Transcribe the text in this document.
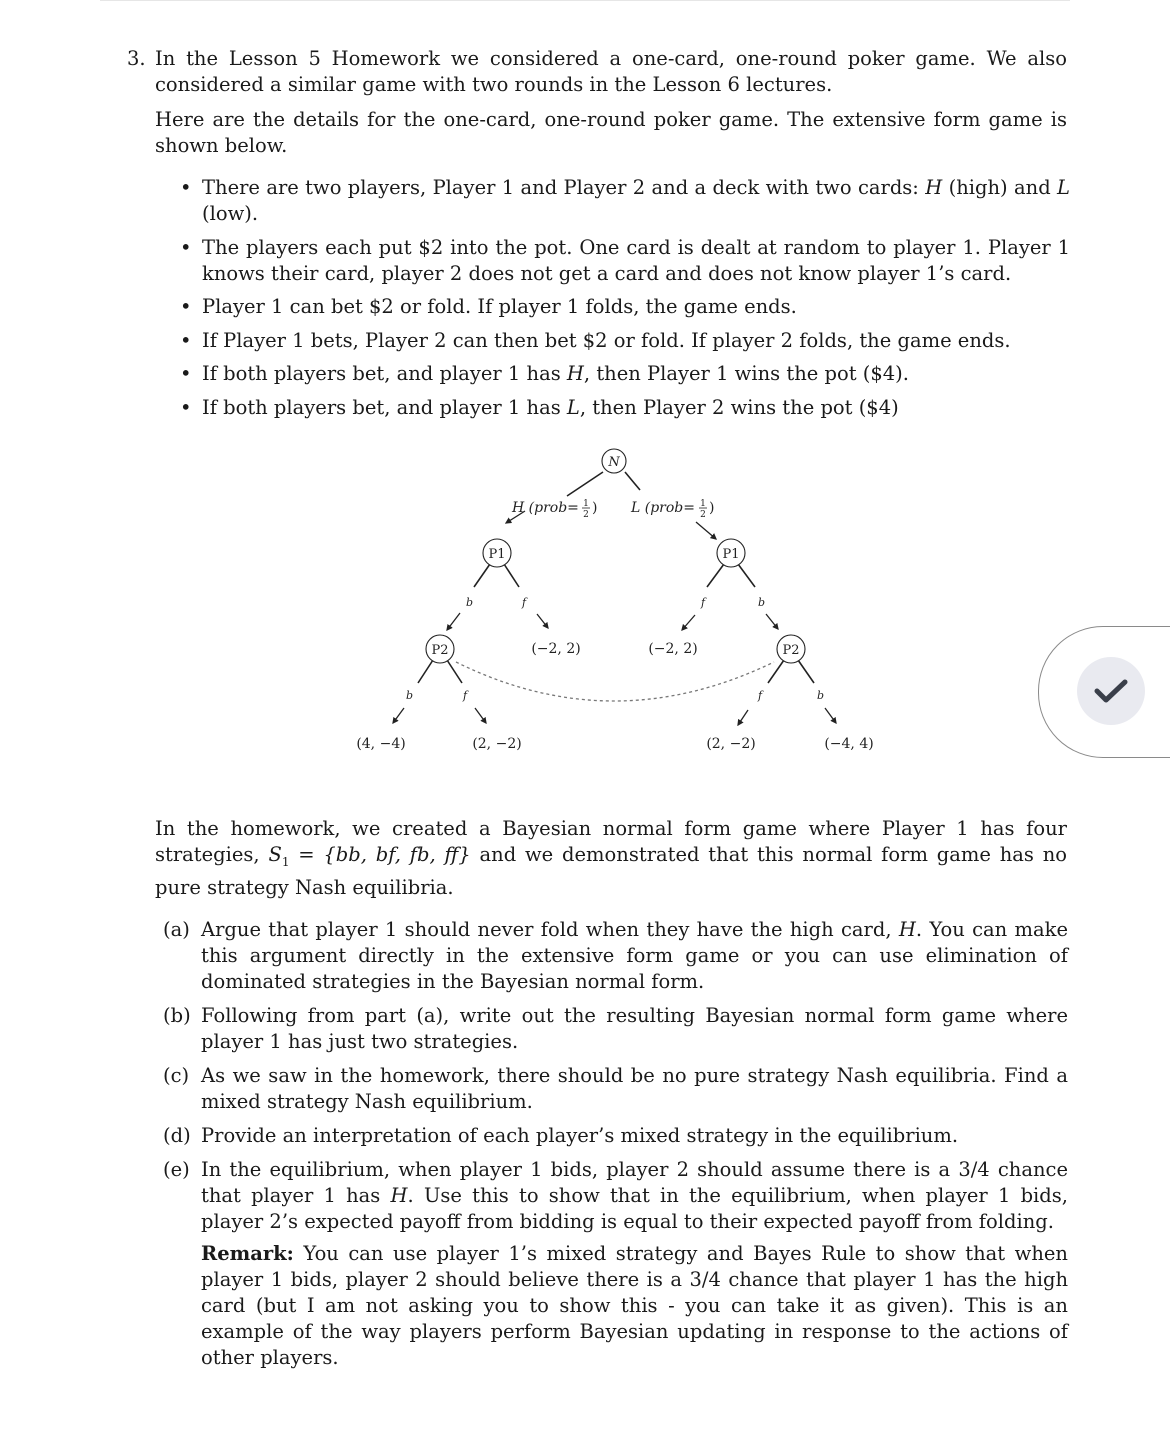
3. In the Lesson 5 Homework we considered a one-card, one-round poker game. We also considered a similar game with two rounds in the Lesson 6 lectures.

Here are the details for the one-card, one-round poker game. The extensive form game is shown below.

• There are two players, Player 1 and Player 2 and a deck with two cards: H (high) and L (low).
• The players each put $2 into the pot. One card is dealt at random to player 1. Player 1 knows their card, player 2 does not get a card and does not know player 1’s card.
• Player 1 can bet $2 or fold. If player 1 folds, the game ends.
• If Player 1 bets, Player 2 can then bet $2 or fold. If player 2 folds, the game ends.
• If both players bet, and player 1 has H, then Player 1 wins the pot ($4).
• If both players bet, and player 1 has L, then Player 2 wins the pot ($4)
N
P1	P1
P2	P2
H (prob= 1
2 ) L (prob= 1
2 )
b	f	f	b
b	f	f	b
(−2, 2)	(−2, 2)
(4, −4)	(2, −2)	(2, −2)	(−4, 4)

In the homework, we created a Bayesian normal form game where Player 1 has four strategies, $S_1 = \{bb$, bf, fb, ff} and we demonstrated that this normal form game has no pure strategy Nash equilibria.

(a) Argue that player 1 should never fold when they have the high card, H. You can make this argument directly in the extensive form game or you can use elimination of dominated strategies in the Bayesian normal form.
(b) Following from part (a), write out the resulting Bayesian normal form game where player 1 has just two strategies.
(c) As we saw in the homework, there should be no pure strategy Nash equilibria. Find a mixed strategy Nash equilibrium.
(d) Provide an interpretation of each player’s mixed strategy in the equilibrium.
(e) In the equilibrium, when player 1 bids, player 2 should assume there is a 3/4 chance that player 1 has H. Use this to show that in the equilibrium, when player 1 bids, player 2’s expected payoff from bidding is equal to their expected payoff from folding.
Remark: You can use player 1’s mixed strategy and Bayes Rule to show that when player 1 bids, player 2 should believe there is a 3/4 chance that player 1 has the high card (but I am not asking you to show this - you can take it as given). This is an example of the way players perform Bayesian updating in response to the actions of other players.
